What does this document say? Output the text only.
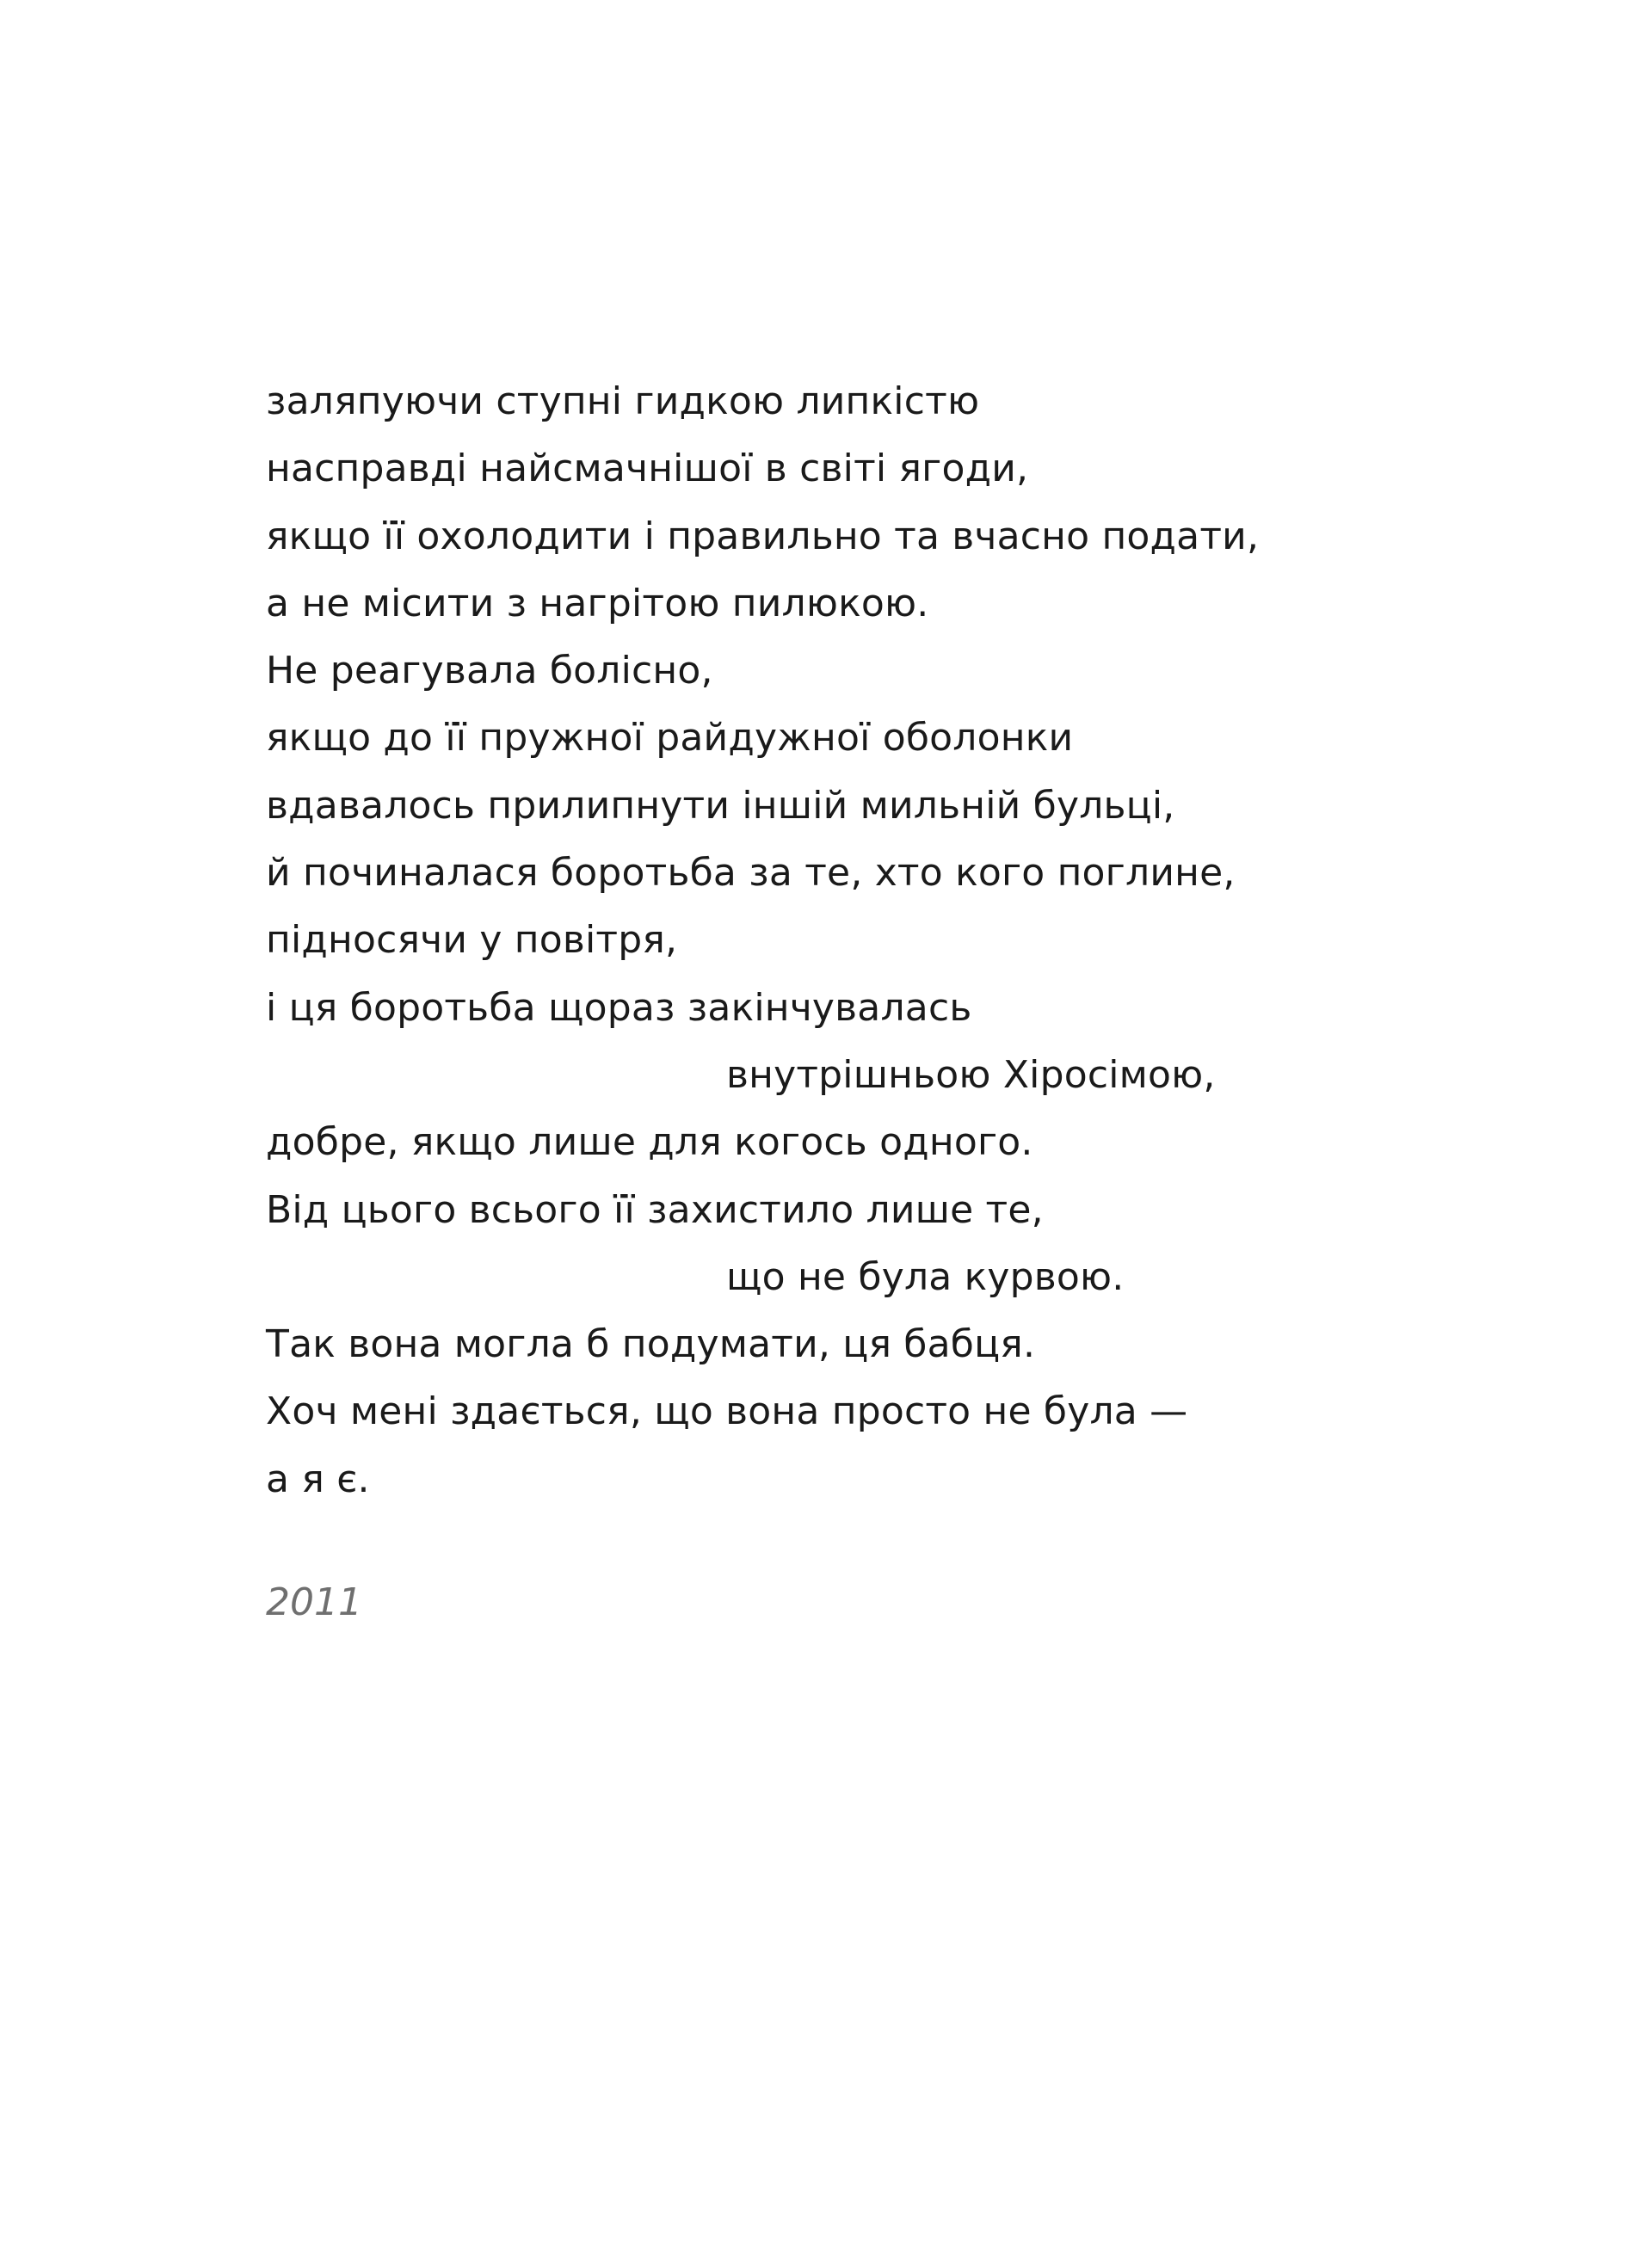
заляпуючи ступні гидкою липкістю
насправді найсмачнішої в світі ягоди,
якщо її охолодити і правильно та вчасно подати,
а не місити з нагрітою пилюкою.
Не реагувала болісно,
якщо до її пружної райдужної оболонки
вдавалось прилипнути іншій мильній бульці,
й починалася боротьба за те, хто кого поглине,
підносячи у повітря,
і ця боротьба щораз закінчувалась
внутрішньою Хіросімою,
добре, якщо лише для когось одного.
Від цього всього її захистило лише те,
що не була курвою.
Так вона могла б подумати, ця бабця.
Хоч мені здається, що вона просто не була —
а я є.
2011
